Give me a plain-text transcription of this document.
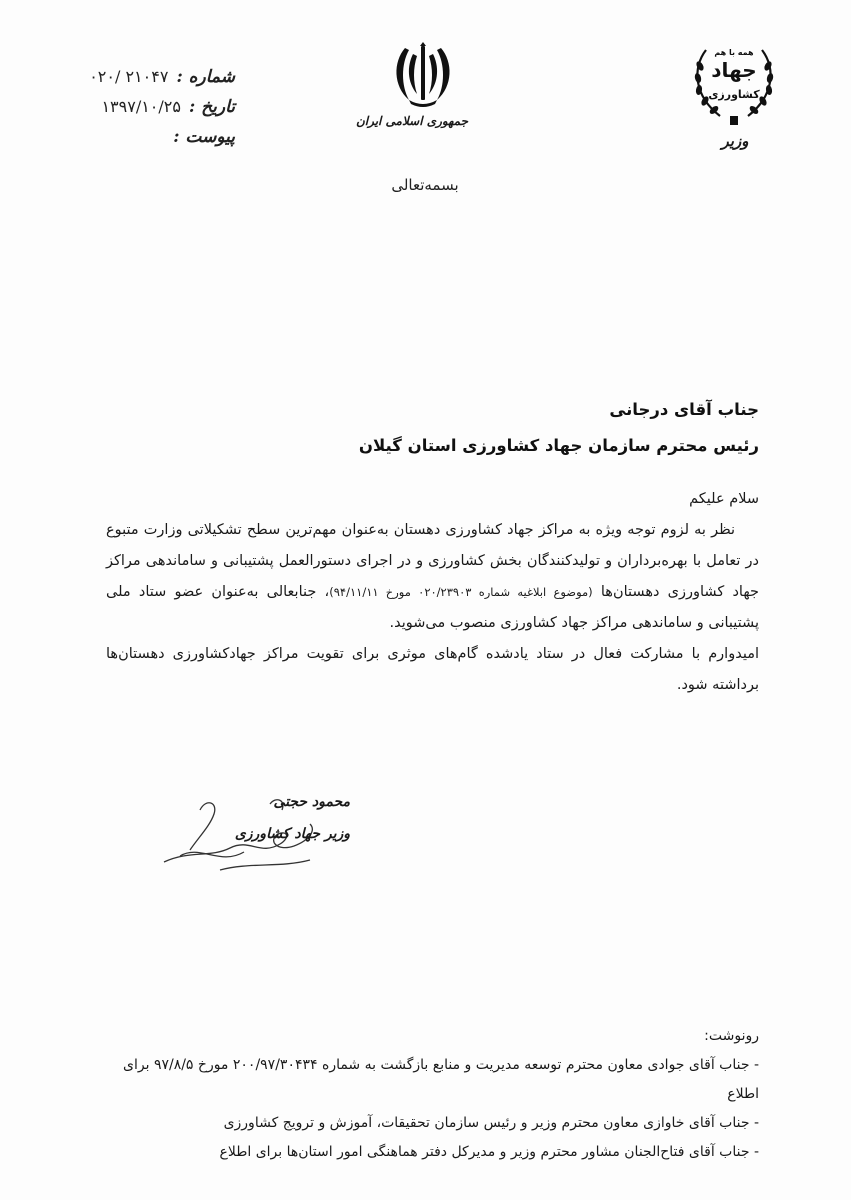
شماره :
۰۲۰/ ۲۱۰۴۷
تاریخ :
۱۳۹۷/۱۰/۲۵
پیوست :
جمهوری اسلامی ایران
بسمه‌تعالی
همه با هم
جهاد
کشاورزی
وزیر
جناب آقای درجانی
رئیس محترم سازمان جهاد کشاورزی استان گیلان

سلام علیکم

نظر به لزوم توجه ویژه به مراکز جهاد کشاورزی دهستان به‌عنوان مهم‌ترین سطح تشکیلاتی وزارت متبوع در تعامل با بهره‌برداران و تولیدکنندگان بخش کشاورزی و در اجرای دستورالعمل پشتیبانی و ساماندهی مراکز جهاد کشاورزی دهستان‌ها (موضوع ابلاغیه شماره ۰۲۰/۲۳۹۰۳ مورخ ۹۴/۱۱/۱۱)، جنابعالی به‌عنوان عضو ستاد ملی پشتیبانی و ساماندهی مراکز جهاد کشاورزی منصوب می‌شوید.

امیدوارم با مشارکت فعال در ستاد یادشده گام‌های موثری برای تقویت مراکز جهادکشاورزی دهستان‌ها برداشته شود.

محمود حجتی
وزیر جهاد کشاورزی
رونوشت:
- جناب آقای جوادی معاون محترم توسعه مدیریت و منابع بازگشت به شماره ۲۰۰/۹۷/۳۰۴۳۴ مورخ ۹۷/۸/۵ برای اطلاع
- جناب آقای خاوازی معاون محترم وزیر و رئیس سازمان تحقیقات، آموزش و ترویج کشاورزی
- جناب آقای فتاح‌الجنان مشاور محترم وزیر و مدیرکل دفتر هماهنگی امور استان‌ها برای اطلاع
